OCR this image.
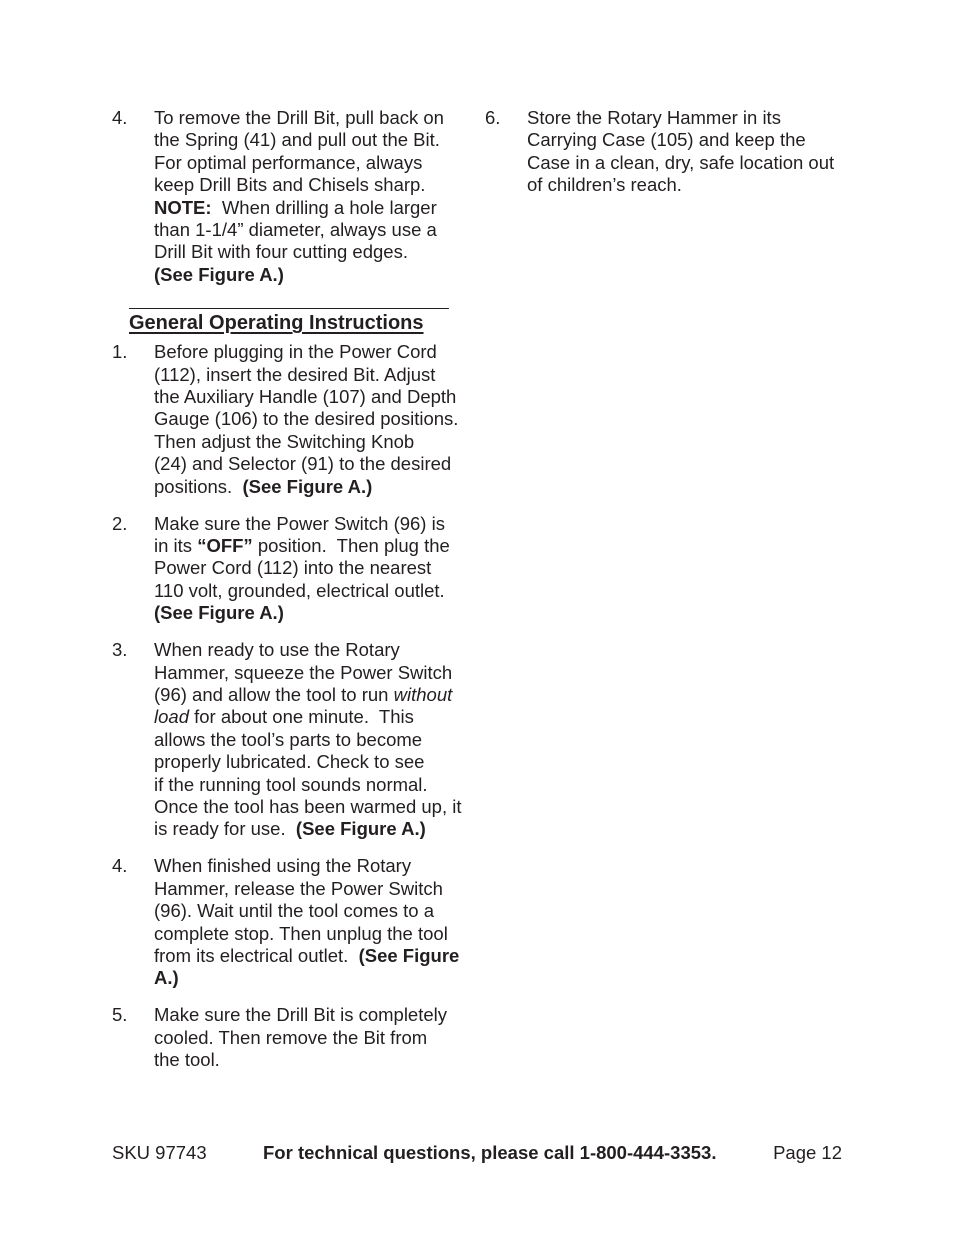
4. To remove the Drill Bit, pull back on
the Spring (41) and pull out the Bit.
For optimal performance, always
keep Drill Bits and Chisels sharp.
NOTE:  When drilling a hole larger
than 1-1/4” diameter, always use a
Drill Bit with four cutting edges.
(See Figure A.)
General Operating Instructions
1. Before plugging in the Power Cord
(112), insert the desired Bit. Adjust
the Auxiliary Handle (107) and Depth
Gauge (106) to the desired positions.
Then adjust the Switching Knob
(24) and Selector (91) to the desired
positions.  (See Figure A.)
2. Make sure the Power Switch (96) is
in its “OFF” position.  Then plug the
Power Cord (112) into the nearest
110 volt, grounded, electrical outlet.
(See Figure A.)
3. When ready to use the Rotary
Hammer, squeeze the Power Switch
(96) and allow the tool to run without
load for about one minute.  This
allows the tool’s parts to become
properly lubricated. Check to see
if the running tool sounds normal.
Once the tool has been warmed up, it
is ready for use.  (See Figure A.)
4. When finished using the Rotary
Hammer, release the Power Switch
(96). Wait until the tool comes to a
complete stop. Then unplug the tool
from its electrical outlet.  (See Figure
A.)
5. Make sure the Drill Bit is completely
cooled. Then remove the Bit from
the tool.
6. Store the Rotary Hammer in its
Carrying Case (105) and keep the
Case in a clean, dry, safe location out
of children’s reach.
SKU 97743	For technical questions, please call 1-800-444-3353.	Page 12
